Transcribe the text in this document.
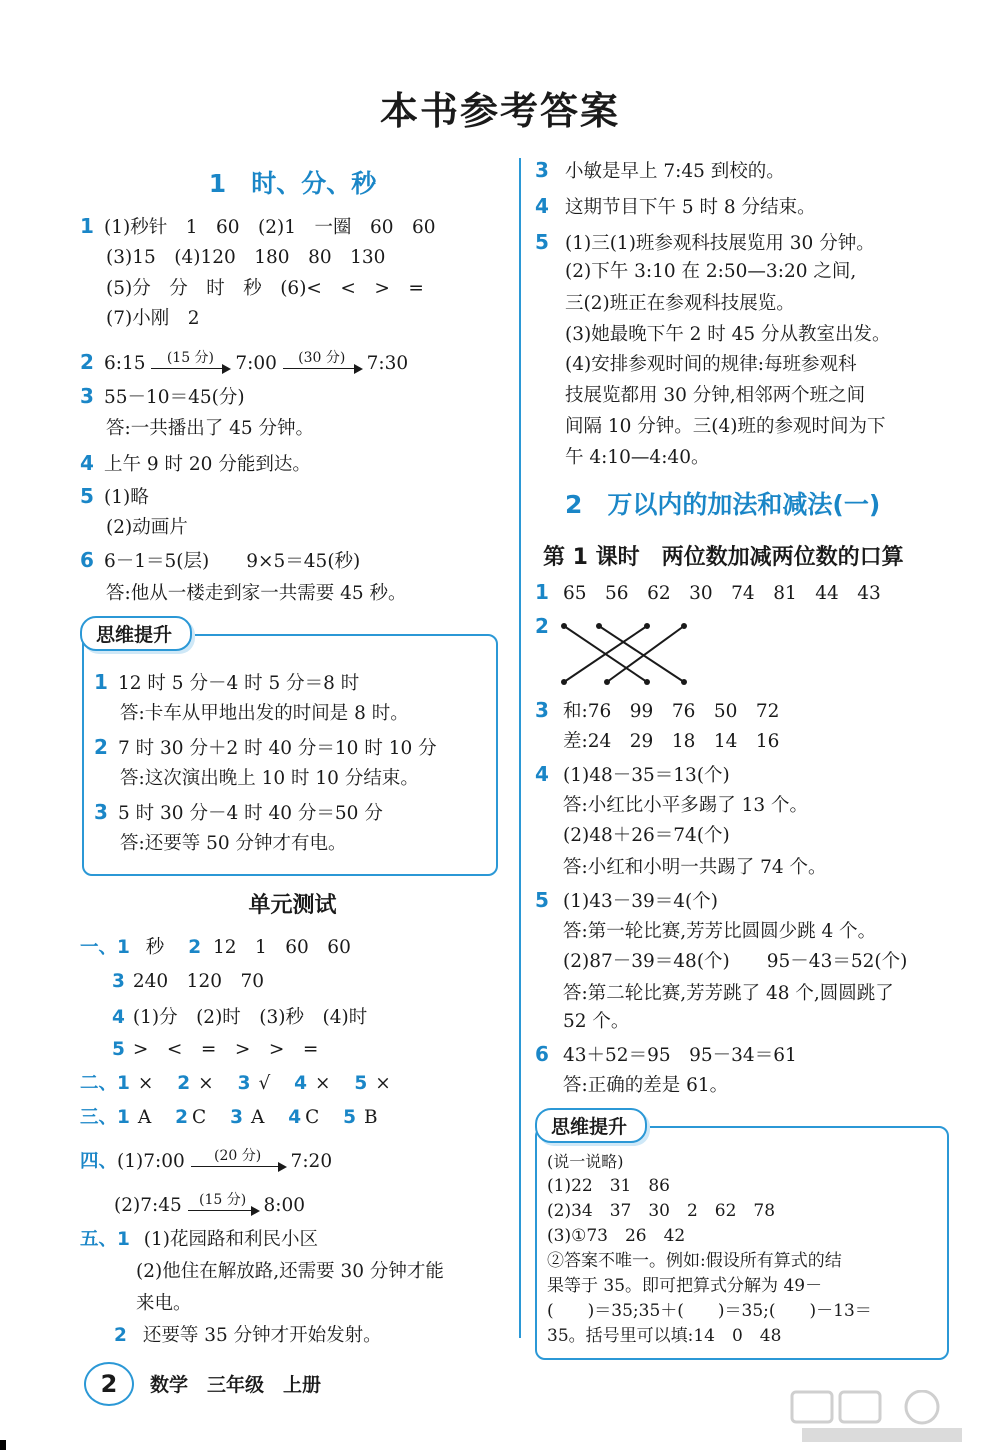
本书参考答案
1　时、分、秒
1 (1)秒针　1　60　(2)1　一圈　60　60
(3)15　(4)120　180　80　130
(5)分　分　时　秒　(6)<　<　>　=
(7)小刚　2
2 6:15	(15 分)	7:00	(30 分)	7:30
3 55－10＝45(分)
答:一共播出了 45 分钟。
4 上午 9 时 20 分能到达。
5 (1)略
(2)动画片
6 6－1＝5(层)　　9×5＝45(秒)
答:他从一楼走到家一共需要 45 秒。
思维提升
1 12 时 5 分－4 时 5 分＝8 时
答:卡车从甲地出发的时间是 8 时。
2 7 时 30 分＋2 时 40 分＝10 时 10 分
答:这次演出晚上 10 时 10 分结束。
3 5 时 30 分－4 时 40 分＝50 分
答:还要等 50 分钟才有电。
单元测试
一、1 秒 2 12　1　60　60
3 240　120　70
4 (1)分　(2)时　(3)秒　(4)时
5 >　<　=　>　>　=
二、1 × 2 × 3 √ 4 × 5 ×
三、1 A 2 C 3 A 4 C 5 B
四、(1)7:00	(20 分)	7:20
(2)7:45	(15 分) 8:00
五、1 (1)花园路和利民小区
(2)他住在解放路,还需要 30 分钟才能
来电。
2 还要等 35 分钟才开始发射。
3 小敏是早上 7:45 到校的。
4 这期节目下午 5 时 8 分结束。
5 (1)三(1)班参观科技展览用 30 分钟。
(2)下午 3:10 在 2:50—3:20 之间,
三(2)班正在参观科技展览。
(3)她最晚下午 2 时 45 分从教室出发。
(4)安排参观时间的规律:每班参观科
技展览都用 30 分钟,相邻两个班之间
间隔 10 分钟。三(4)班的参观时间为下
午 4:10—4:40。
2　万以内的加法和减法(一)
第 1 课时　两位数加减两位数的口算
1 65　56　62　30　74　81　44　43
2
3 和:76　99　76　50　72
差:24　29　18　14　16
4 (1)48－35＝13(个)
答:小红比小平多踢了 13 个。
(2)48＋26＝74(个)
答:小红和小明一共踢了 74 个。
5 (1)43－39＝4(个)
答:第一轮比赛,芳芳比圆圆少跳 4 个。
(2)87－39＝48(个)　　95－43＝52(个)
答:第二轮比赛,芳芳跳了 48 个,圆圆跳了
52 个。
6 43＋52＝95　95－34＝61
答:正确的差是 61。
思维提升
(说一说略)
(1)22　31　86
(2)34　37　30　2　62　78
(3)①73　26　42
②答案不唯一。例如:假设所有算式的结
果等于 35。即可把算式分解为 49－
(　　)＝35;35＋(　　)＝35;(　　)－13＝
35。括号里可以填:14　0　48
2	数学　三年级　上册
